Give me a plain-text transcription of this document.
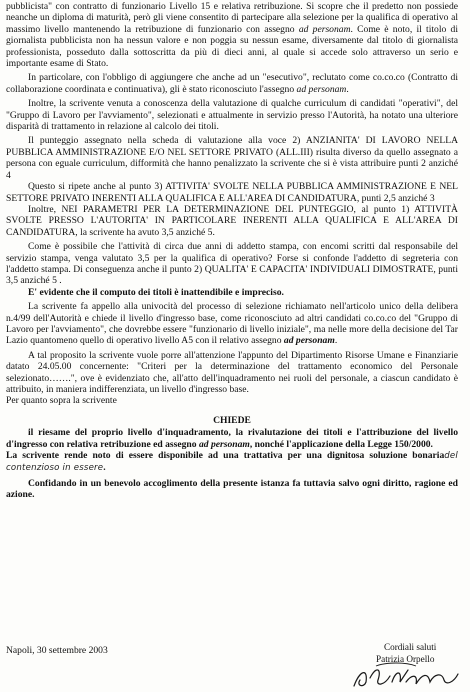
pubblicista" con contratto di funzionario Livello 15 e relativa retribuzione. Si scopre che il predetto non possiede neanche un diploma di maturità, però gli viene consentito di partecipare alla selezione per la qualifica di operativo al massimo livello mantenendo la retribuzione di funzionario con assegno ad personam. Come è noto, il titolo di giornalista pubblicista non ha nessun valore e non poggia su nessun esame, diversamente dal titolo di giornalista professionista, posseduto dalla sottoscritta da più di dieci anni, al quale si accede solo attraverso un serio e importante esame di Stato.

In particolare, con l'obbligo di aggiungere che anche ad un "esecutivo", reclutato come co.co.co (Contratto di collaborazione coordinata e continuativa), gli è stato riconosciuto l'assegno ad personam.

Inoltre, la scrivente venuta a conoscenza della valutazione di qualche curriculum di candidati "operativi", del "Gruppo di Lavoro per l'avviamento", selezionati e attualmente in servizio presso l'Autorità, ha notato una ulteriore disparità di trattamento in relazione al calcolo dei titoli.

Il punteggio assegnato nella scheda di valutazione alla voce 2) ANZIANITA' DI LAVORO NELLA PUBBLICA AMMINISTRAZIONE E/O NEL SETTORE PRIVATO (ALL.III) risulta diverso da quello assegnato a persona con eguale curriculum, difformità che hanno penalizzato la scrivente che si è vista attribuire punti 2 anziché 4

Questo si ripete anche al punto 3) ATTIVITA' SVOLTE NELLA PUBBLICA AMMINISTRAZIONE E NEL SETTORE PRIVATO INERENTI ALLA QUALIFICA E ALL'AREA DI CANDIDATURA, punti 2,5 anziché 3

Inoltre, NEI PARAMETRI PER LA DETERMINAZIONE DEL PUNTEGGIO, al punto 1) ATTIVITÀ SVOLTE PRESSO L'AUTORITA' IN PARTICOLARE INERENTI ALLA QUALIFICA E ALL'AREA DI CANDIDATURA, la scrivente ha avuto 3,5 anziché 5.

Come è possibile che l'attività di circa due anni di addetto stampa, con encomi scritti dal responsabile del servizio stampa, venga valutato 3,5 per la qualifica di operativo? Forse si confonde l'addetto di segreteria con l'addetto stampa. Di conseguenza anche il punto 2) QUALITA' E CAPACITA' INDIVIDUALI DIMOSTRATE, punti 3,5 anziché 5 .

E' evidente che il computo dei titoli è inattendibile e impreciso.

La scrivente fa appello alla univocità del processo di selezione richiamato nell'articolo unico della delibera n.4/99 dell'Autorità e chiede il livello d'ingresso base, come riconosciuto ad altri candidati co.co.co del "Gruppo di Lavoro per l'avviamento", che dovrebbe essere "funzionario di livello iniziale", ma nelle more della decisione del Tar Lazio quantomeno quello di operativo livello A5 con il relativo assegno ad personam.

A tal proposito la scrivente vuole porre all'attenzione l'appunto del Dipartimento Risorse Umane e Finanziarie datato 24.05.00 concernente: "Criteri per la determinazione del trattamento economico del Personale selezionato…….", ove è evidenziato che, all'atto dell'inquadramento nei ruoli del personale, a ciascun candidato è attribuito, in maniera indifferenziata, un livello d'ingresso base.

Per quanto sopra la scrivente

CHIEDE

il riesame del proprio livello d'inquadramento, la rivalutazione dei titoli e l'attribuzione del livello d'ingresso con relativa retribuzione ed assegno ad personam, nonché l'applicazione della Legge 150/2000.

La scrivente rende noto di essere disponibile ad una trattativa per una dignitosa soluzione bonariadel contenzioso in essere.

Confidando in un benevolo accoglimento della presente istanza fa tuttavia salvo ogni diritto, ragione ed azione.

Napoli, 30 settembre 2003	Cordiali saluti
Patrizia Orpello
